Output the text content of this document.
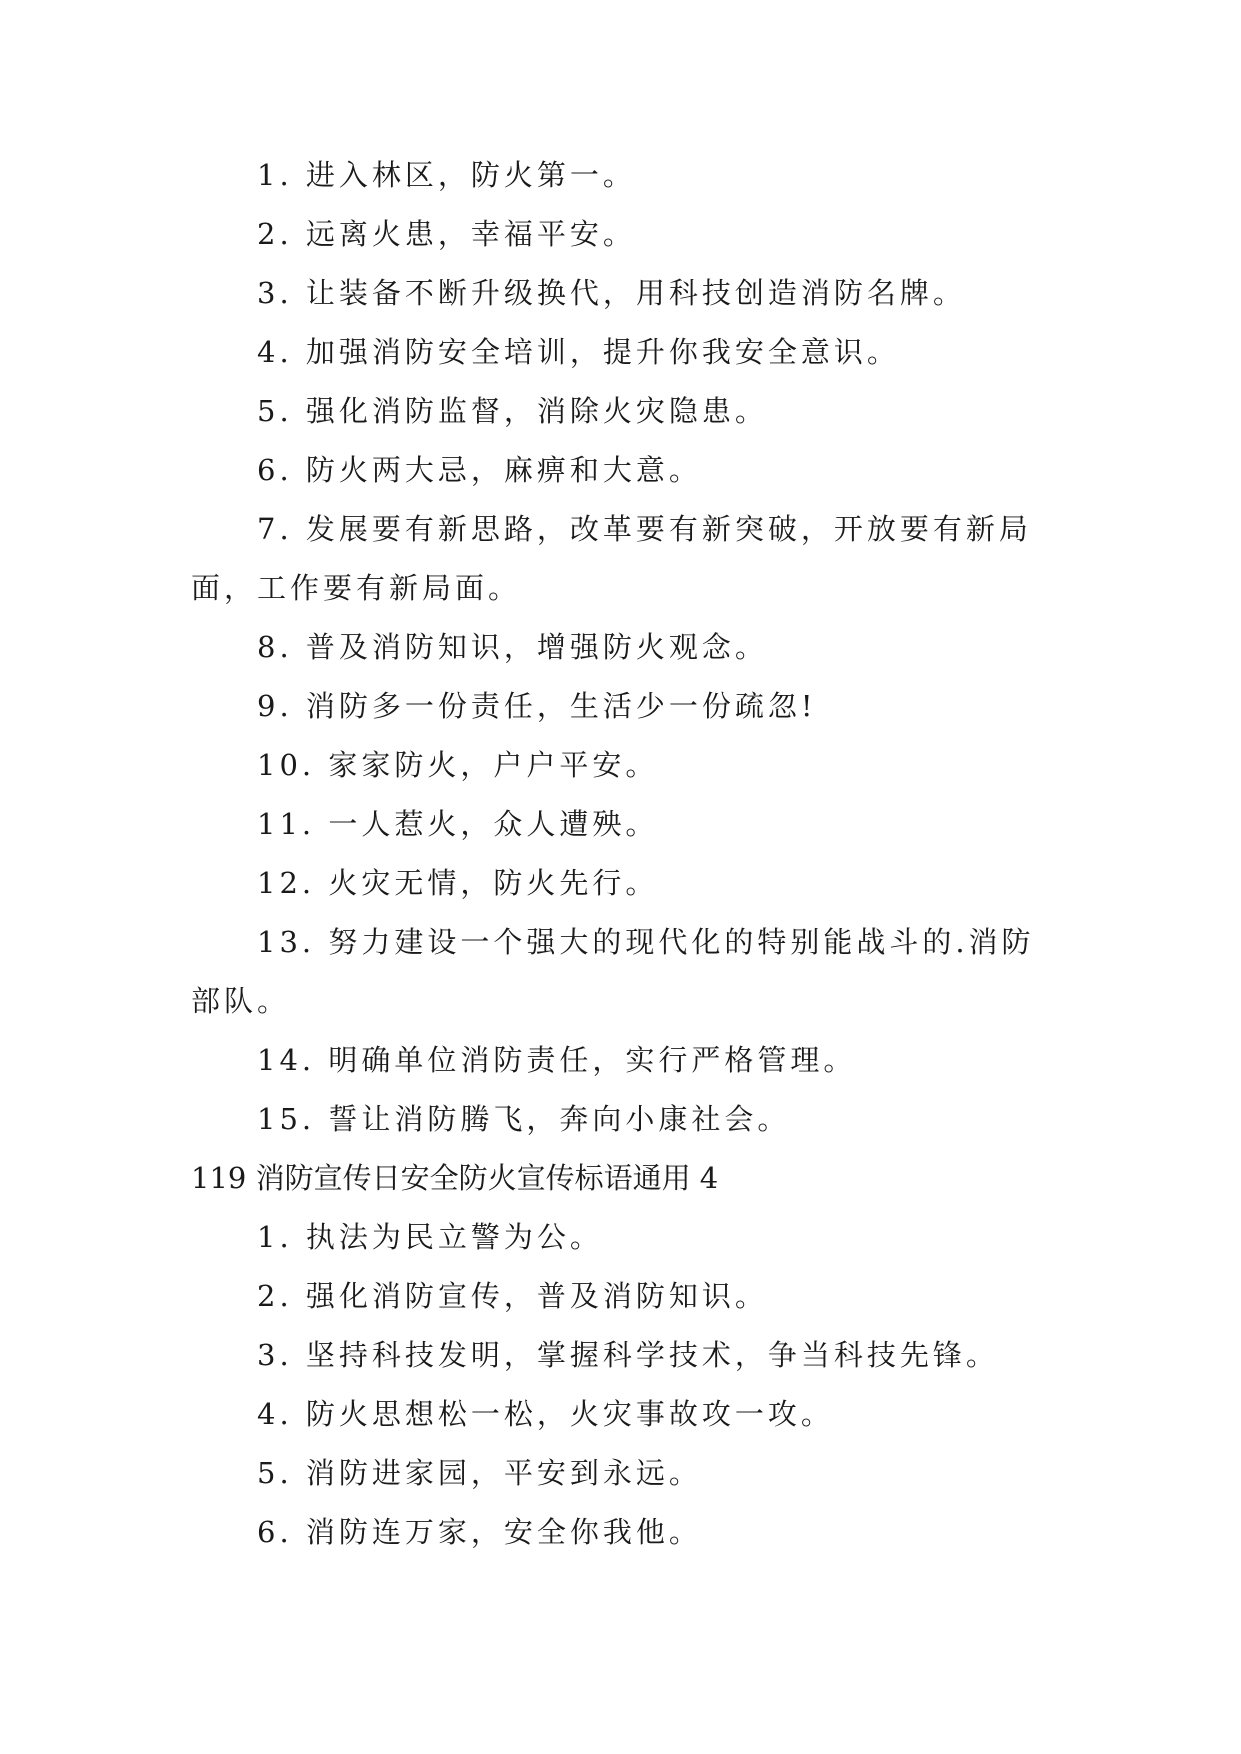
1. 进入林区，防火第一。
2. 远离火患，幸福平安。
3. 让装备不断升级换代，用科技创造消防名牌。
4. 加强消防安全培训，提升你我安全意识。
5. 强化消防监督，消除火灾隐患。
6. 防火两大忌，麻痹和大意。
7. 发展要有新思路，改革要有新突破，开放要有新局
面，工作要有新局面。
8. 普及消防知识，增强防火观念。
9. 消防多一份责任，生活少一份疏忽!
10. 家家防火，户户平安。
11. 一人惹火，众人遭殃。
12. 火灾无情，防火先行。
13. 努力建设一个强大的现代化的特别能战斗的.消防
部队。
14. 明确单位消防责任，实行严格管理。
15. 誓让消防腾飞，奔向小康社会。
119 消防宣传日安全防火宣传标语通用 4
1. 执法为民立警为公。
2. 强化消防宣传，普及消防知识。
3. 坚持科技发明，掌握科学技术，争当科技先锋。
4. 防火思想松一松，火灾事故攻一攻。
5. 消防进家园，平安到永远。
6. 消防连万家，安全你我他。
